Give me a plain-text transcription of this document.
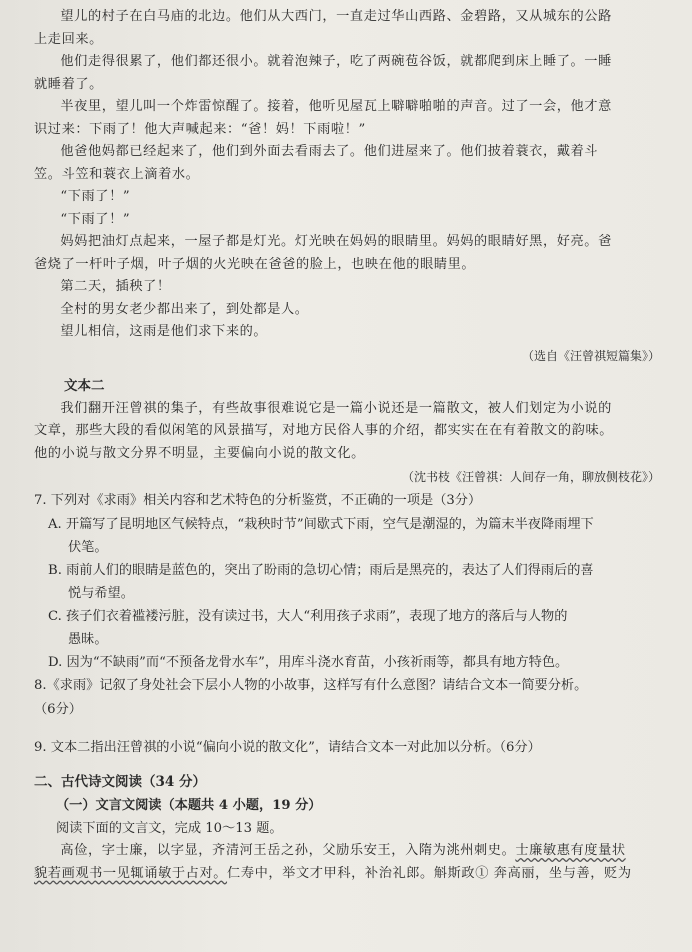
望儿的村子在白马庙的北边。他们从大西门，一直走过华山西路、金碧路，又从城东的公路

上走回来。

他们走得很累了，他们都还很小。就着泡辣子，吃了两碗苞谷饭，就都爬到床上睡了。一睡

就睡着了。

半夜里，望儿叫一个炸雷惊醒了。接着，他听见屋瓦上噼噼啪啪的声音。过了一会，他才意

识过来：下雨了！他大声喊起来：“爸！妈！下雨啦！”

他爸他妈都已经起来了，他们到外面去看雨去了。他们进屋来了。他们披着蓑衣，戴着斗

笠。斗笠和蓑衣上滴着水。

“下雨了！”

“下雨了！”

妈妈把油灯点起来，一屋子都是灯光。灯光映在妈妈的眼睛里。妈妈的眼睛好黑，好亮。爸

爸烧了一杆叶子烟，叶子烟的火光映在爸爸的脸上，也映在他的眼睛里。

第二天，插秧了！

全村的男女老少都出来了，到处都是人。

望儿相信，这雨是他们求下来的。

（选自《汪曾祺短篇集》）

文本二

我们翻开汪曾祺的集子，有些故事很难说它是一篇小说还是一篇散文，被人们划定为小说的

文章，那些大段的看似闲笔的风景描写，对地方民俗人事的介绍，都实实在在有着散文的韵味。

他的小说与散文分界不明显，主要偏向小说的散文化。

（沈书枝《汪曾祺：人间存一角，聊放侧枝花》）

7. 下列对《求雨》相关内容和艺术特色的分析鉴赏，不正确的一项是（3分）

A. 开篇写了昆明地区气候特点，“栽秧时节”间歇式下雨，空气是潮湿的，为篇末半夜降雨埋下
伏笔。

B. 雨前人们的眼睛是蓝色的，突出了盼雨的急切心情；雨后是黑亮的，表达了人们得雨后的喜
悦与希望。

C. 孩子们衣着褴褛污脏，没有读过书，大人“利用孩子求雨”，表现了地方的落后与人物的
愚昧。

D. 因为“不缺雨”而“不预备龙骨水车”，用库斗浇水育苗，小孩祈雨等，都具有地方特色。

8.《求雨》记叙了身处社会下层小人物的小故事，这样写有什么意图？请结合文本一简要分析。

（6分）

9. 文本二指出汪曾祺的小说“偏向小说的散文化”，请结合文本一对此加以分析。（6分）

二、古代诗文阅读（34 分）

（一）文言文阅读（本题共 4 小题，19 分）

阅读下面的文言文，完成 10～13 题。

高俭，字士廉，以字显，齐清河王岳之孙，父励乐安王，入隋为洮州刺史。士廉敏惠有度量状

貌若画观书一见辄诵敏于占对。仁寿中，举文才甲科，补治礼郎。斛斯政① 奔高丽，坐与善，贬为
